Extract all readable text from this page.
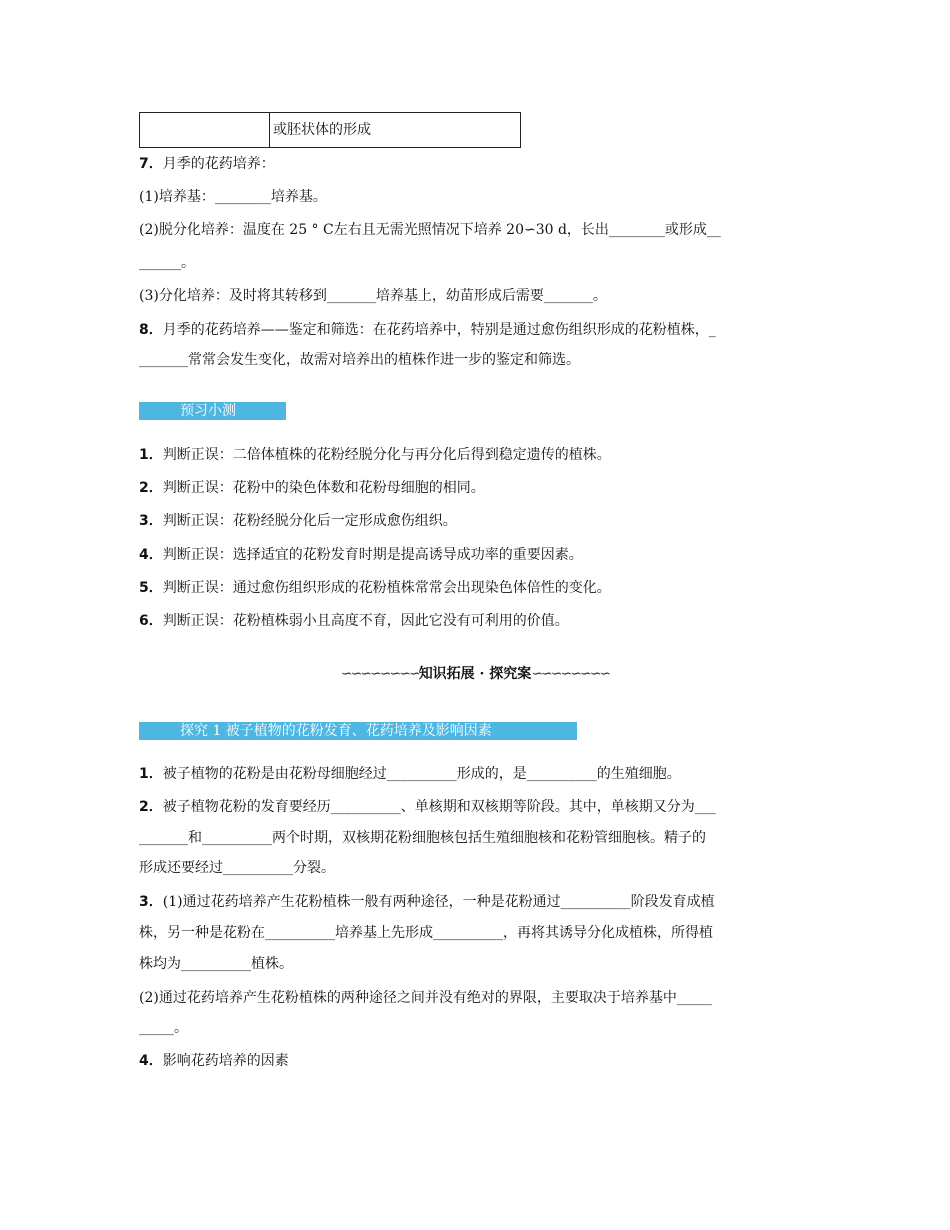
或胚状体的形成
7．月季的花药培养：
(1)培养基：________培养基。
(2)脱分化培养：温度在 25 ° C左右且无需光照情况下培养 20∽30 d，长出________或形成__
______。
(3)分化培养：及时将其转移到_______培养基上，幼苗形成后需要_______。
8．月季的花药培养——鉴定和筛选：在花药培养中，特别是通过愈伤组织形成的花粉植株，_
_______常常会发生变化，故需对培养出的植株作进一步的鉴定和筛选。
预习小测
1．判断正误：二倍体植株的花粉经脱分化与再分化后得到稳定遗传的植株。
2．判断正误：花粉中的染色体数和花粉母细胞的相同。
3．判断正误：花粉经脱分化后一定形成愈伤组织。
4．判断正误：选择适宜的花粉发育时期是提高诱导成功率的重要因素。
5．判断正误：通过愈伤组织形成的花粉植株常常会出现染色体倍性的变化。
6．判断正误：花粉植株弱小且高度不育，因此它没有可利用的价值。
∽∽∽∽∽∽∽∽知识拓展 · 探究案∽∽∽∽∽∽∽∽
探究 1 被子植物的花粉发育、花药培养及影响因素
1．被子植物的花粉是由花粉母细胞经过__________形成的，是__________的生殖细胞。
2．被子植物花粉的发育要经历__________、单核期和双核期等阶段。其中，单核期又分为___
_______和__________两个时期，双核期花粉细胞核包括生殖细胞核和花粉管细胞核。精子的
形成还要经过__________分裂。
3．(1)通过花药培养产生花粉植株一般有两种途径，一种是花粉通过__________阶段发育成植
株，另一种是花粉在__________培养基上先形成__________，再将其诱导分化成植株，所得植
株均为__________植株。
(2)通过花药培养产生花粉植株的两种途径之间并没有绝对的界限，主要取决于培养基中_____
_____。
4．影响花药培养的因素
